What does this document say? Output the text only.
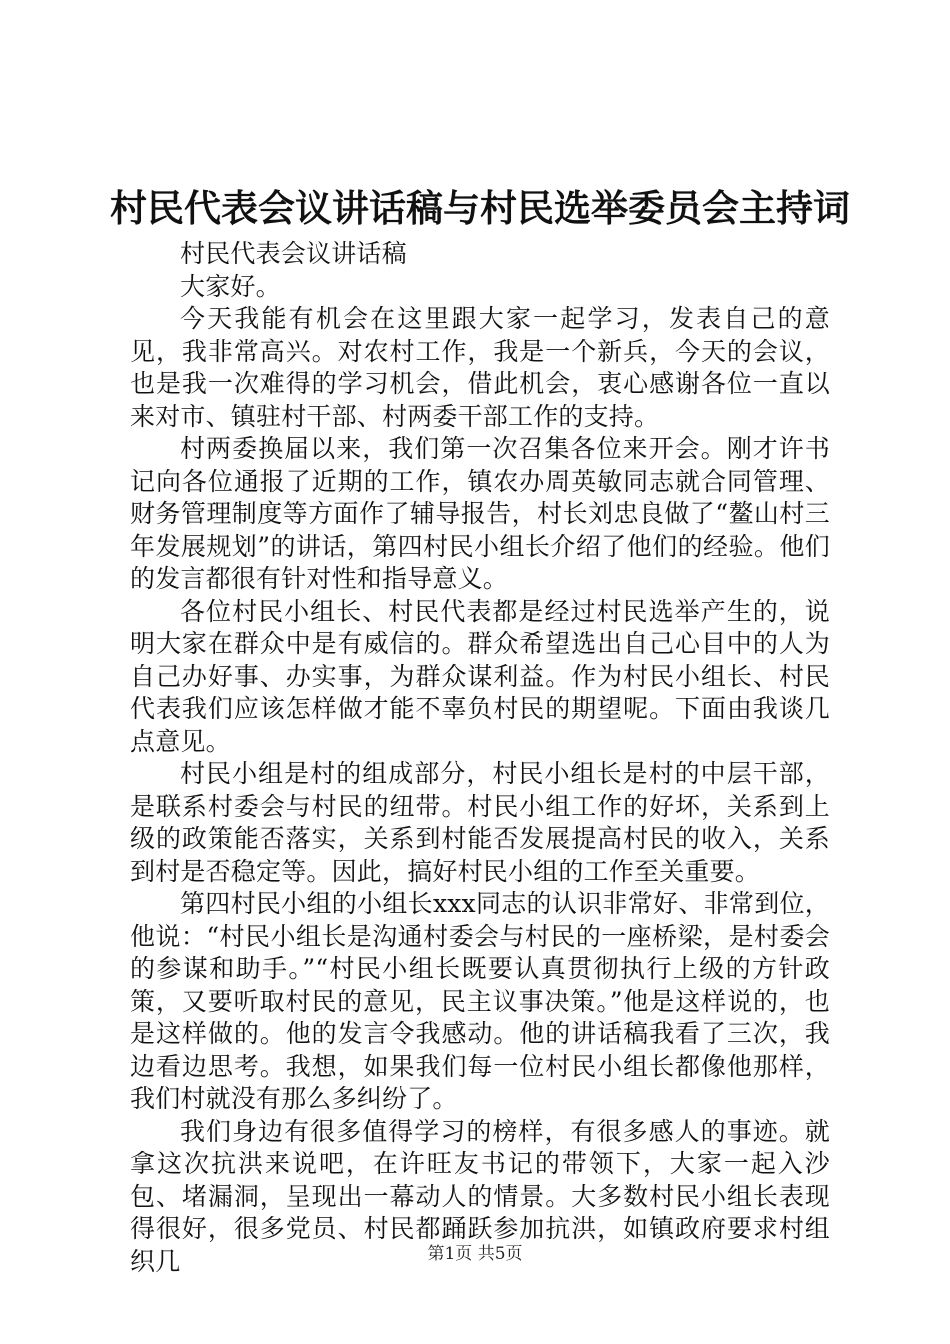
村民代表会议讲话稿与村民选举委员会主持词

村民代表会议讲话稿

大家好。

今天我能有机会在这里跟大家一起学习，发表自己的意见，我非常高兴。对农村工作，我是一个新兵，今天的会议，也是我一次难得的学习机会，借此机会，衷心感谢各位一直以来对市、镇驻村干部、村两委干部工作的支持。

村两委换届以来，我们第一次召集各位来开会。刚才许书记向各位通报了近期的工作，镇农办周英敏同志就合同管理、财务管理制度等方面作了辅导报告，村长刘忠良做了“鳌山村三年发展规划”的讲话，第四村民小组长介绍了他们的经验。他们的发言都很有针对性和指导意义。

各位村民小组长、村民代表都是经过村民选举产生的，说明大家在群众中是有威信的。群众希望选出自己心目中的人为自己办好事、办实事，为群众谋利益。作为村民小组长、村民代表我们应该怎样做才能不辜负村民的期望呢。下面由我谈几点意见。

村民小组是村的组成部分，村民小组长是村的中层干部，是联系村委会与村民的纽带。村民小组工作的好坏，关系到上级的政策能否落实，关系到村能否发展提高村民的收入，关系到村是否稳定等。因此，搞好村民小组的工作至关重要。

第四村民小组的小组长xxx同志的认识非常好、非常到位，他说：“村民小组长是沟通村委会与村民的一座桥梁，是村委会的参谋和助手。”“村民小组长既要认真贯彻执行上级的方针政策，又要听取村民的意见，民主议事决策。”他是这样说的，也是这样做的。他的发言令我感动。他的讲话稿我看了三次，我边看边思考。我想，如果我们每一位村民小组长都像他那样，我们村就没有那么多纠纷了。

我们身边有很多值得学习的榜样，有很多感人的事迹。就拿这次抗洪来说吧，在许旺友书记的带领下，大家一起入沙包、堵漏洞，呈现出一幕动人的情景。大多数村民小组长表现得很好，很多党员、村民都踊跃参加抗洪，如镇政府要求村组织几	第1页 共5页
